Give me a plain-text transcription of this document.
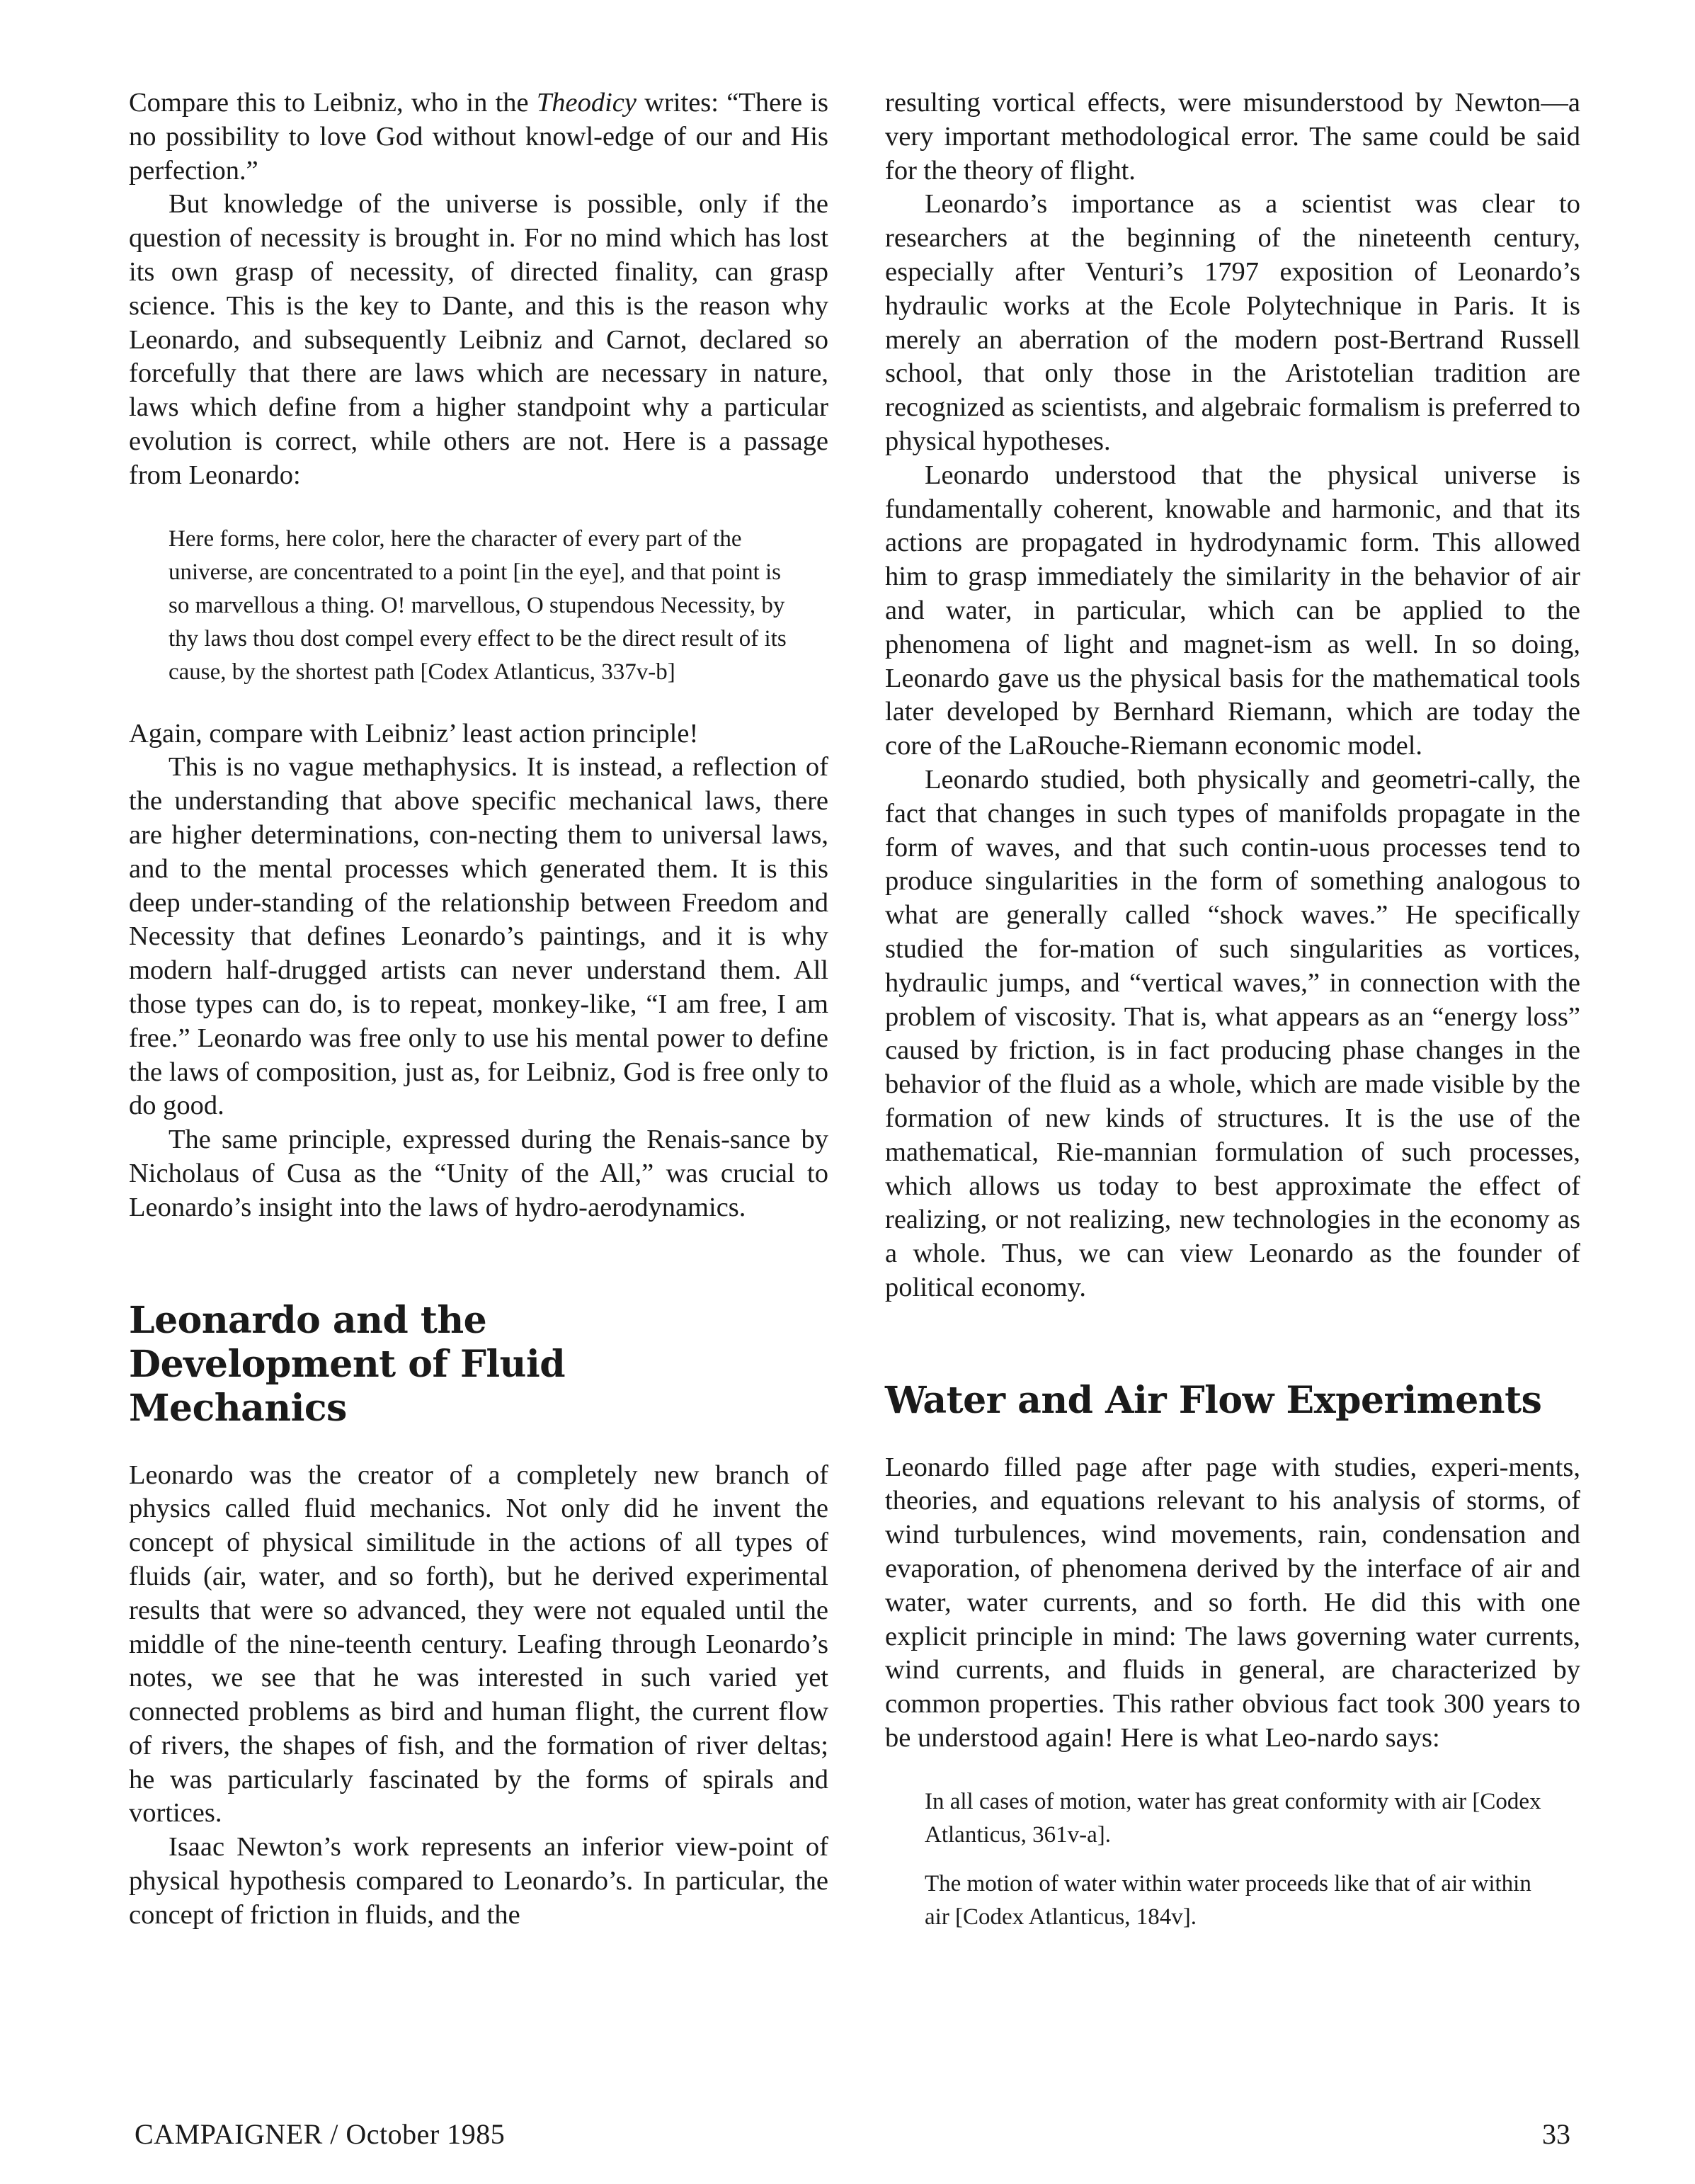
Compare this to Leibniz, who in the Theodicy writes: “There is no possibility to love God without knowl-edge of our and His perfection.”

But knowledge of the universe is possible, only if the question of necessity is brought in. For no mind which has lost its own grasp of necessity, of directed finality, can grasp science. This is the key to Dante, and this is the reason why Leonardo, and subsequently Leibniz and Carnot, declared so forcefully that there are laws which are necessary in nature, laws which define from a higher standpoint why a particular evolution is correct, while others are not. Here is a passage from Leonardo:

Here forms, here color, here the character of every part of the universe, are concentrated to a point [in the eye], and that point is so marvellous a thing. O! marvellous, O stupendous Necessity, by thy laws thou dost compel every effect to be the direct result of its cause, by the shortest path [Codex Atlanticus, 337v-b]

Again, compare with Leibniz’ least action principle!

This is no vague methaphysics. It is instead, a reflection of the understanding that above specific mechanical laws, there are higher determinations, con-necting them to universal laws, and to the mental processes which generated them. It is this deep under-standing of the relationship between Freedom and Necessity that defines Leonardo’s paintings, and it is why modern half-drugged artists can never understand them. All those types can do, is to repeat, monkey-like, “I am free, I am free.” Leonardo was free only to use his mental power to define the laws of composition, just as, for Leibniz, God is free only to do good.

The same principle, expressed during the Renais-sance by Nicholaus of Cusa as the “Unity of the All,” was crucial to Leonardo’s insight into the laws of hydro-aerodynamics.

Leonardo and the Development of Fluid Mechanics

Leonardo was the creator of a completely new branch of physics called fluid mechanics. Not only did he invent the concept of physical similitude in the actions of all types of fluids (air, water, and so forth), but he derived experimental results that were so advanced, they were not equaled until the middle of the nine-teenth century. Leafing through Leonardo’s notes, we see that he was interested in such varied yet connected problems as bird and human flight, the current flow of rivers, the shapes of fish, and the formation of river deltas; he was particularly fascinated by the forms of spirals and vortices.

Isaac Newton’s work represents an inferior view-point of physical hypothesis compared to Leonardo’s. In particular, the concept of friction in fluids, and the

resulting vortical effects, were misunderstood by Newton—a very important methodological error. The same could be said for the theory of flight.

Leonardo’s importance as a scientist was clear to researchers at the beginning of the nineteenth century, especially after Venturi’s 1797 exposition of Leonardo’s hydraulic works at the Ecole Polytechnique in Paris. It is merely an aberration of the modern post-Bertrand Russell school, that only those in the Aristotelian tradition are recognized as scientists, and algebraic formalism is preferred to physical hypotheses.

Leonardo understood that the physical universe is fundamentally coherent, knowable and harmonic, and that its actions are propagated in hydrodynamic form. This allowed him to grasp immediately the similarity in the behavior of air and water, in particular, which can be applied to the phenomena of light and magnet-ism as well. In so doing, Leonardo gave us the physical basis for the mathematical tools later developed by Bernhard Riemann, which are today the core of the LaRouche-Riemann economic model.

Leonardo studied, both physically and geometri-cally, the fact that changes in such types of manifolds propagate in the form of waves, and that such contin-uous processes tend to produce singularities in the form of something analogous to what are generally called “shock waves.” He specifically studied the for-mation of such singularities as vortices, hydraulic jumps, and “vertical waves,” in connection with the problem of viscosity. That is, what appears as an “energy loss” caused by friction, is in fact producing phase changes in the behavior of the fluid as a whole, which are made visible by the formation of new kinds of structures. It is the use of the mathematical, Rie-mannian formulation of such processes, which allows us today to best approximate the effect of realizing, or not realizing, new technologies in the economy as a whole. Thus, we can view Leonardo as the founder of political economy.

Water and Air Flow Experiments

Leonardo filled page after page with studies, experi-ments, theories, and equations relevant to his analysis of storms, of wind turbulences, wind movements, rain, condensation and evaporation, of phenomena derived by the interface of air and water, water currents, and so forth. He did this with one explicit principle in mind: The laws governing water currents, wind currents, and fluids in general, are characterized by common properties. This rather obvious fact took 300 years to be understood again! Here is what Leo-nardo says:

In all cases of motion, water has great conformity with air [Codex Atlanticus, 361v-a].

The motion of water within water proceeds like that of air within air [Codex Atlanticus, 184v].

CAMPAIGNER / October 1985	33
